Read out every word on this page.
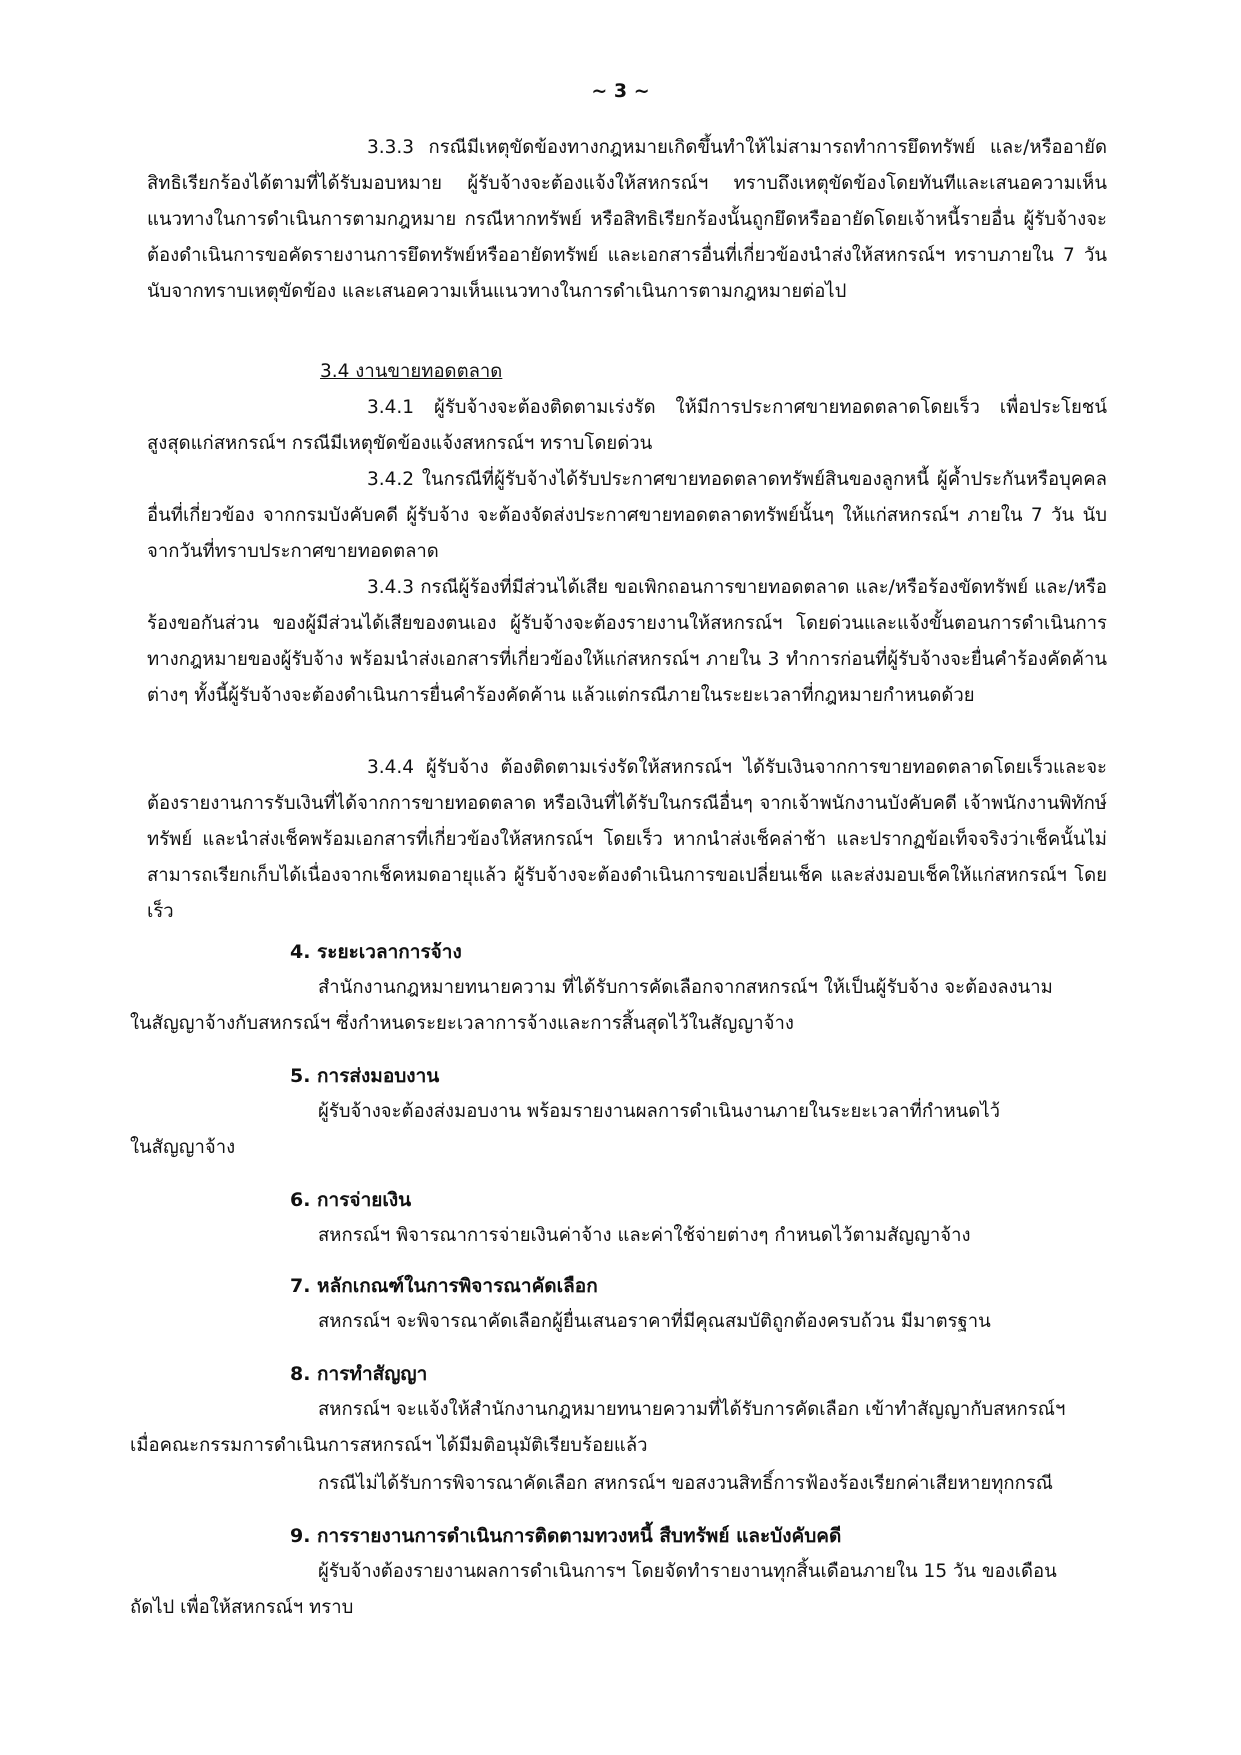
~ 3 ~

3.3.3 กรณีมีเหตุขัดข้องทางกฎหมายเกิดขึ้นทำให้ไม่สามารถทำการยึดทรัพย์ และ/หรืออายัดสิทธิเรียกร้องได้ตามที่ได้รับมอบหมาย ผู้รับจ้างจะต้องแจ้งให้สหกรณ์ฯ ทราบถึงเหตุขัดข้องโดยทันทีและเสนอความเห็นแนวทางในการดำเนินการตามกฎหมาย กรณีหากทรัพย์ หรือสิทธิเรียกร้องนั้นถูกยึดหรืออายัดโดยเจ้าหนี้รายอื่น ผู้รับจ้างจะต้องดำเนินการขอคัดรายงานการยึดทรัพย์หรืออายัดทรัพย์ และเอกสารอื่นที่เกี่ยวข้องนำส่งให้สหกรณ์ฯ ทราบภายใน 7 วัน นับจากทราบเหตุขัดข้อง และเสนอความเห็นแนวทางในการดำเนินการตามกฎหมายต่อไป

3.4 งานขายทอดตลาด

3.4.1 ผู้รับจ้างจะต้องติดตามเร่งรัด ให้มีการประกาศขายทอดตลาดโดยเร็ว เพื่อประโยชน์สูงสุดแก่สหกรณ์ฯ กรณีมีเหตุขัดข้องแจ้งสหกรณ์ฯ ทราบโดยด่วน

3.4.2 ในกรณีที่ผู้รับจ้างได้รับประกาศขายทอดตลาดทรัพย์สินของลูกหนี้ ผู้ค้ำประกันหรือบุคคลอื่นที่เกี่ยวข้อง จากกรมบังคับคดี ผู้รับจ้าง จะต้องจัดส่งประกาศขายทอดตลาดทรัพย์นั้นๆ ให้แก่สหกรณ์ฯ ภายใน 7 วัน นับจากวันที่ทราบประกาศขายทอดตลาด

3.4.3 กรณีผู้ร้องที่มีส่วนได้เสีย ขอเพิกถอนการขายทอดตลาด และ/หรือร้องขัดทรัพย์ และ/หรือร้องขอกันส่วน ของผู้มีส่วนได้เสียของตนเอง ผู้รับจ้างจะต้องรายงานให้สหกรณ์ฯ โดยด่วนและแจ้งขั้นตอนการดำเนินการทางกฎหมายของผู้รับจ้าง พร้อมนำส่งเอกสารที่เกี่ยวข้องให้แก่สหกรณ์ฯ ภายใน 3 ทำการก่อนที่ผู้รับจ้างจะยื่นคำร้องคัดค้านต่างๆ ทั้งนี้ผู้รับจ้างจะต้องดำเนินการยื่นคำร้องคัดค้าน แล้วแต่กรณีภายในระยะเวลาที่กฎหมายกำหนดด้วย

3.4.4 ผู้รับจ้าง ต้องติดตามเร่งรัดให้สหกรณ์ฯ ได้รับเงินจากการขายทอดตลาดโดยเร็วและจะต้องรายงานการรับเงินที่ได้จากการขายทอดตลาด หรือเงินที่ได้รับในกรณีอื่นๆ จากเจ้าพนักงานบังคับคดี เจ้าพนักงานพิทักษ์ทรัพย์ และนำส่งเช็คพร้อมเอกสารที่เกี่ยวข้องให้สหกรณ์ฯ โดยเร็ว หากนำส่งเช็คล่าช้า และปรากฏข้อเท็จจริงว่าเช็คนั้นไม่สามารถเรียกเก็บได้เนื่องจากเช็คหมดอายุแล้ว ผู้รับจ้างจะต้องดำเนินการขอเปลี่ยนเช็ค และส่งมอบเช็คให้แก่สหกรณ์ฯ โดยเร็ว

4. ระยะเวลาการจ้าง
สำนักงานกฎหมายทนายความ ที่ได้รับการคัดเลือกจากสหกรณ์ฯ ให้เป็นผู้รับจ้าง จะต้องลงนาม
ในสัญญาจ้างกับสหกรณ์ฯ ซึ่งกำหนดระยะเวลาการจ้างและการสิ้นสุดไว้ในสัญญาจ้าง
5. การส่งมอบงาน
ผู้รับจ้างจะต้องส่งมอบงาน พร้อมรายงานผลการดำเนินงานภายในระยะเวลาที่กำหนดไว้
ในสัญญาจ้าง
6. การจ่ายเงิน
สหกรณ์ฯ พิจารณาการจ่ายเงินค่าจ้าง และค่าใช้จ่ายต่างๆ กำหนดไว้ตามสัญญาจ้าง
7. หลักเกณฑ์ในการพิจารณาคัดเลือก
สหกรณ์ฯ จะพิจารณาคัดเลือกผู้ยื่นเสนอราคาที่มีคุณสมบัติถูกต้องครบถ้วน มีมาตรฐาน
8. การทำสัญญา
สหกรณ์ฯ จะแจ้งให้สำนักงานกฎหมายทนายความที่ได้รับการคัดเลือก เข้าทำสัญญากับสหกรณ์ฯ
เมื่อคณะกรรมการดำเนินการสหกรณ์ฯ ได้มีมติอนุมัติเรียบร้อยแล้ว
กรณีไม่ได้รับการพิจารณาคัดเลือก สหกรณ์ฯ ขอสงวนสิทธิ์การฟ้องร้องเรียกค่าเสียหายทุกกรณี
9. การรายงานการดำเนินการติดตามทวงหนี้ สืบทรัพย์ และบังคับคดี
ผู้รับจ้างต้องรายงานผลการดำเนินการฯ โดยจัดทำรายงานทุกสิ้นเดือนภายใน 15 วัน ของเดือน
ถัดไป เพื่อให้สหกรณ์ฯ ทราบ
